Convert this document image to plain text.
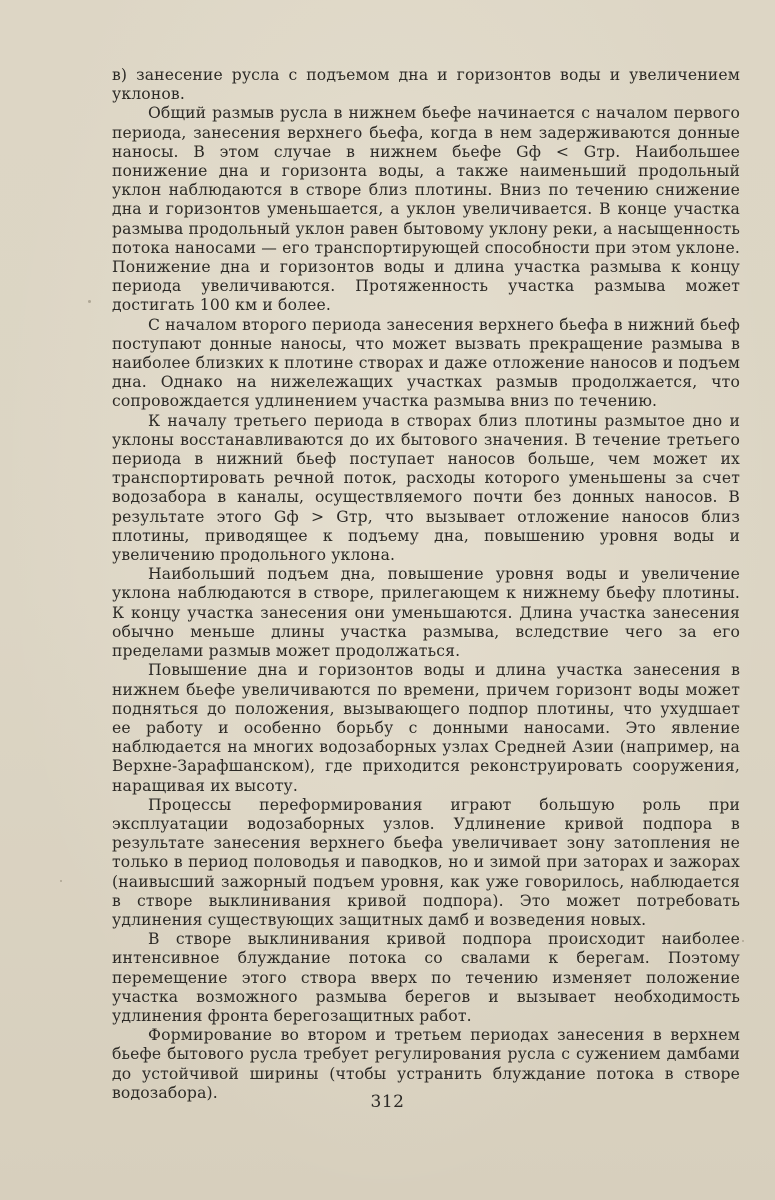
в) занесение русла с подъемом дна и горизонтов воды и увеличением уклонов.

Общий размыв русла в нижнем бьефе начинается с началом первого периода, занесения верхнего бьефа, когда в нем задерживаются донные наносы. В этом случае в нижнем бьефе Gф < Gтр. Наибольшее понижение дна и горизонта воды, а также наименьший продольный уклон наблюдаются в створе близ плотины. Вниз по течению снижение дна и горизонтов уменьшается, а уклон увеличивается. В конце участка размыва продольный уклон равен бытовому уклону реки, а насыщенность потока наносами — его транспортирующей способности при этом уклоне. Понижение дна и горизонтов воды и длина участка размыва к концу периода увеличиваются. Протяженность участка размыва может достигать 100 км и более.

С началом второго периода занесения верхнего бьефа в нижний бьеф поступают донные наносы, что может вызвать прекращение размыва в наиболее близких к плотине створах и даже отложение наносов и подъем дна. Однако на нижележащих участках размыв продолжается, что сопровождается удлинением участка размыва вниз по течению.

К началу третьего периода в створах близ плотины размытое дно и уклоны восстанавливаются до их бытового значения. В течение третьего периода в нижний бьеф поступает наносов больше, чем может их транспортировать речной поток, расходы которого уменьшены за счет водозабора в каналы, осуществляемого почти без донных наносов. В результате этого Gф > Gтр, что вызывает отложение наносов близ плотины, приводящее к подъему дна, повышению уровня воды и увеличению продольного уклона.

Наибольший подъем дна, повышение уровня воды и увеличение уклона наблюдаются в створе, прилегающем к нижнему бьефу плотины. К концу участка занесения они уменьшаются. Длина участка занесения обычно меньше длины участка размыва, вследствие чего за его пределами размыв может продолжаться.

Повышение дна и горизонтов воды и длина участка занесения в нижнем бьефе увеличиваются по времени, причем горизонт воды может подняться до положения, вызывающего подпор плотины, что ухудшает ее работу и особенно борьбу с донными наносами. Это явление наблюдается на многих водозаборных узлах Средней Азии (например, на Верхне-Зарафшанском), где приходится реконструировать сооружения, наращивая их высоту.

Процессы переформирования играют большую роль при эксплуатации водозаборных узлов. Удлинение кривой подпора в результате занесения верхнего бьефа увеличивает зону затопления не только в период половодья и паводков, но и зимой при заторах и зажорах (наивысший зажорный подъем уровня, как уже говорилось, наблюдается в створе выклинивания кривой подпора). Это может потребовать удлинения существующих защитных дамб и возведения новых.

В створе выклинивания кривой подпора происходит наиболее интенсивное блуждание потока со свалами к берегам. Поэтому перемещение этого створа вверх по течению изменяет положение участка возможного размыва берегов и вызывает необходимость удлинения фронта берегозащитных работ.

Формирование во втором и третьем периодах занесения в верхнем бьефе бытового русла требует регулирования русла с сужением дамбами до устойчивой ширины (чтобы устранить блуждание потока в створе водозабора).	312
